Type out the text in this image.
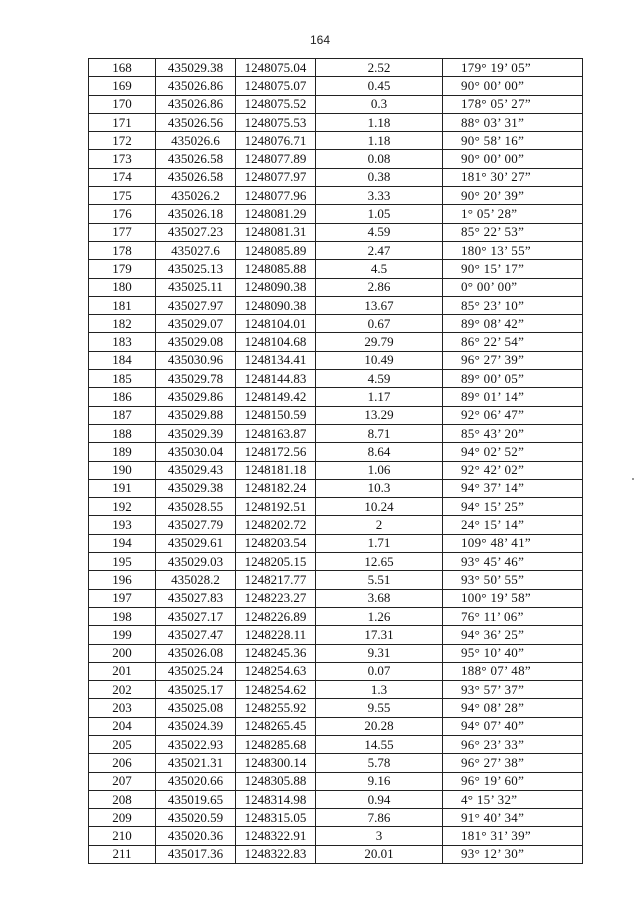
164
168	435029.38	1248075.04	2.52	179° 19’ 05”
169	435026.86	1248075.07	0.45	90° 00’ 00”
170	435026.86	1248075.52	0.3	178° 05’ 27”
171	435026.56	1248075.53	1.18	88° 03’ 31”
172	435026.6	1248076.71	1.18	90° 58’ 16”
173	435026.58	1248077.89	0.08	90° 00’ 00”
174	435026.58	1248077.97	0.38	181° 30’ 27”
175	435026.2	1248077.96	3.33	90° 20’ 39”
176	435026.18	1248081.29	1.05	1° 05’ 28”
177	435027.23	1248081.31	4.59	85° 22’ 53”
178	435027.6	1248085.89	2.47	180° 13’ 55”
179	435025.13	1248085.88	4.5	90° 15’ 17”
180	435025.11	1248090.38	2.86	0° 00’ 00”
181	435027.97	1248090.38	13.67	85° 23’ 10”
182	435029.07	1248104.01	0.67	89° 08’ 42”
183	435029.08	1248104.68	29.79	86° 22’ 54”
184	435030.96	1248134.41	10.49	96° 27’ 39”
185	435029.78	1248144.83	4.59	89° 00’ 05”
186	435029.86	1248149.42	1.17	89° 01’ 14”
187	435029.88	1248150.59	13.29	92° 06’ 47”
188	435029.39	1248163.87	8.71	85° 43’ 20”
189	435030.04	1248172.56	8.64	94° 02’ 52”
190	435029.43	1248181.18	1.06	92° 42’ 02”
191	435029.38	1248182.24	10.3	94° 37’ 14”
192	435028.55	1248192.51	10.24	94° 15’ 25”
193	435027.79	1248202.72	2	24° 15’ 14”
194	435029.61	1248203.54	1.71	109° 48’ 41”
195	435029.03	1248205.15	12.65	93° 45’ 46”
196	435028.2	1248217.77	5.51	93° 50’ 55”
197	435027.83	1248223.27	3.68	100° 19’ 58”
198	435027.17	1248226.89	1.26	76° 11’ 06”
199	435027.47	1248228.11	17.31	94° 36’ 25”
200	435026.08	1248245.36	9.31	95° 10’ 40”
201	435025.24	1248254.63	0.07	188° 07’ 48”
202	435025.17	1248254.62	1.3	93° 57’ 37”
203	435025.08	1248255.92	9.55	94° 08’ 28”
204	435024.39	1248265.45	20.28	94° 07’ 40”
205	435022.93	1248285.68	14.55	96° 23’ 33”
206	435021.31	1248300.14	5.78	96° 27’ 38”
207	435020.66	1248305.88	9.16	96° 19’ 60”
208	435019.65	1248314.98	0.94	4° 15’ 32”
209	435020.59	1248315.05	7.86	91° 40’ 34”
210	435020.36	1248322.91	3	181° 31’ 39”
211	435017.36	1248322.83	20.01	93° 12’ 30”
